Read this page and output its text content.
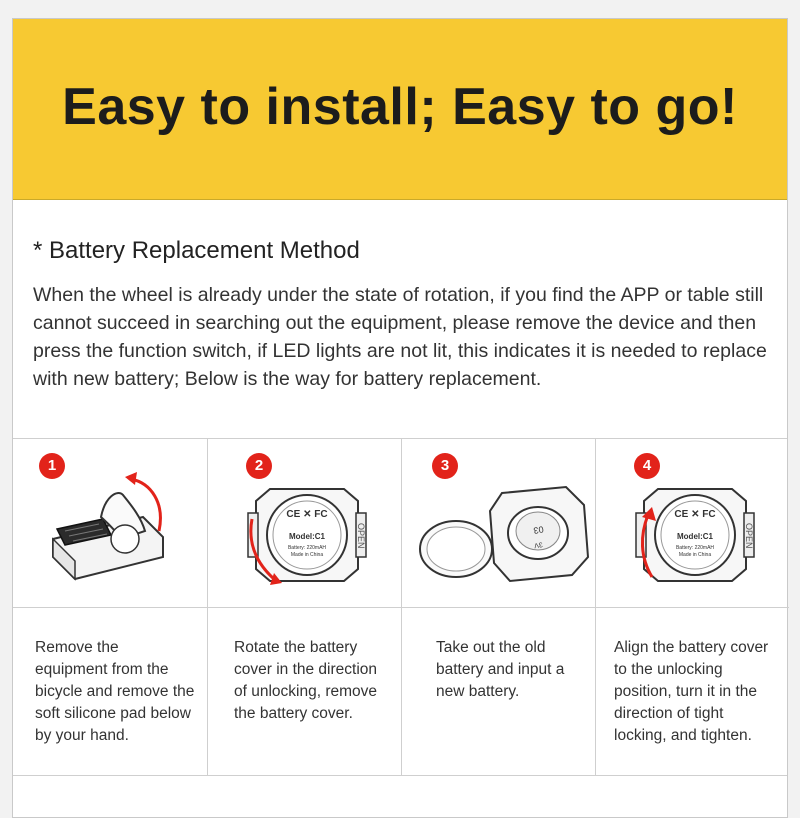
Easy to install; Easy to go!
* Battery Replacement Method
When the wheel is already under the state of rotation, if you find the APP or table still cannot succeed in searching out the equipment, please remove the device and then press the function switch, if LED lights are not lit, this indicates it is needed to replace with new battery; Below is the way for battery replacement.
1
Remove the equipment from the bicycle and remove the soft silicone pad below by your hand.
CE ✕ FC
Model:C1
Battery: 220mAH
Made in China
OPEN
2
Rotate the battery cover in the direction of unlocking, remove the battery cover.
03
3V
3
Take out the old battery and input a new battery.
CE ✕ FC
Model:C1
Battery: 220mAH
Made in China
OPEN
4
Align the battery cover to the unlocking position, turn it in the direction of tight locking, and tighten.
